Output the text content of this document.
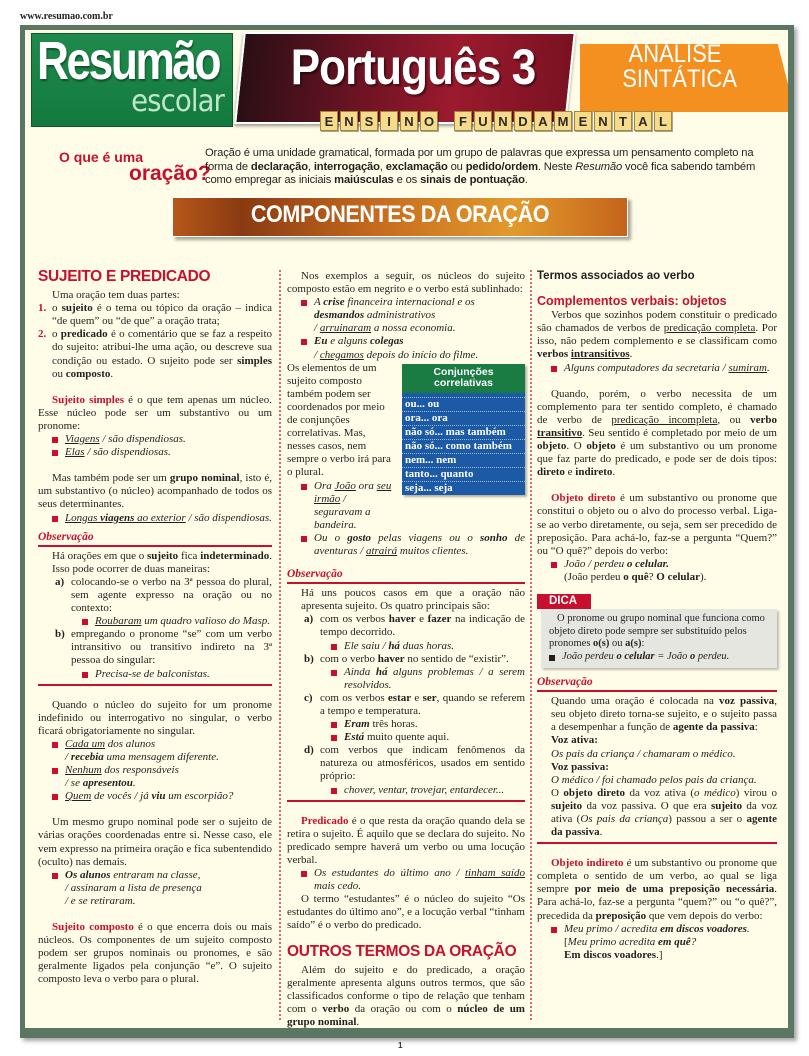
www.resumao.com.br
Resumão
escolar
Português 3	ANÁLISE
SINTÁTICA
E N S	I	N O	F U N D A M E N T A L
O que é uma
oração?
Oração é uma unidade gramatical, formada por um grupo de palavras que expressa um pensamento completo na forma de declaração, interrogação, exclamação ou pedido/ordem. Neste Resumão você fica sabendo também como empregar as iniciais maiúsculas e os sinais de pontuação.
COMPONENTES DA ORAÇÃO
SUJEITO E PREDICADO

Uma oração tem duas partes:

1. o sujeito é o tema ou tópico da oração – indica “de quem” ou “de que” a oração trata;
2. o predicado é o comentário que se faz a respeito do sujeito: atribui-lhe uma ação, ou descreve sua condição ou estado. O sujeito pode ser simples ou composto.

Sujeito simples é o que tem apenas um núcleo. Esse núcleo pode ser um substantivo ou um pronome:

Viagens / são dispendiosas.
Elas / são dispendiosas.

Mas também pode ser um grupo nominal, isto é, um substantivo (o núcleo) acompanhado de todos os seus determinantes.

Longas viagens ao exterior / são dispendiosas.
Observação

Há orações em que o sujeito fica indeterminado. Isso pode ocorrer de duas maneiras:

a) colocando-se o verbo na 3ª pessoa do plural, sem agente expresso na oração ou no contexto:
Roubaram um quadro valioso do Masp.
b) empregando o pronome “se” com um verbo intransitivo ou transitivo indireto na 3ª pessoa do singular:
Precisa-se de balconistas.

Quando o núcleo do sujeito for um pronome indefinido ou interrogativo no singular, o verbo ficará obrigatoriamente no singular.

Cada um dos alunos
/ recebia uma mensagem diferente.
Nenhum dos responsáveis
/ se apresentou.
Quem de vocês / já viu um escorpião?

Um mesmo grupo nominal pode ser o sujeito de várias orações coordenadas entre si. Nesse caso, ele vem expresso na primeira oração e fica subentendido (oculto) nas demais.

Os alunos entraram na classe,
/ assinaram a lista de presença
/ e se retiraram.

Sujeito composto é o que encerra dois ou mais núcleos. Os componentes de um sujeito composto podem ser grupos nominais ou pronomes, e são geralmente ligados pela conjunção “e”. O sujeito composto leva o verbo para o plural.

Nos exemplos a seguir, os núcleos do sujeito composto estão em negrito e o verbo está sublinhado:

A crise financeira internacional e os desmandos administrativos
/ arruinaram a nossa economia.
Eu e alguns colegas
/ chegamos depois do início do filme.
Conjunções correlativas
ou... ou
ora... ora
não só... mas também
não só... como também
nem... nem
tanto... quanto
seja... seja
Os elementos de um sujeito composto também podem ser coordenados por meio de conjunções correlativas. Mas, nesses casos, nem sempre o verbo irá para o plural.
Ora João ora seu irmão / seguravam a bandeira.
Ou o gosto pelas viagens ou o sonho de aventuras / atrairá muitos clientes.
Observação

Há uns poucos casos em que a oração não apresenta sujeito. Os quatro principais são:

a) com os verbos haver e fazer na indicação de tempo decorrido.
Ele saiu / há duas horas.
b) com o verbo haver no sentido de “existir”.
Ainda há alguns problemas / a serem resolvidos.
c) com os verbos estar e ser, quando se referem a tempo e temperatura.
Eram três horas.
Está muito quente aqui.
d) com verbos que indicam fenômenos da natureza ou atmosféricos, usados em sentido próprio:
chover, ventar, trovejar, entardecer...

Predicado é o que resta da oração quando dela se retira o sujeito. É aquilo que se declara do sujeito. No predicado sempre haverá um verbo ou uma locução verbal.

Os estudantes do último ano / tinham saído mais cedo.

O termo “estudantes” é o núcleo do sujeito “Os estudantes do último ano”, e a locução verbal “tinham saído” é o verbo do predicado.

OUTROS TERMOS DA ORAÇÃO

Além do sujeito e do predicado, a oração geralmente apresenta alguns outros termos, que são classificados conforme o tipo de relação que tenham com o verbo da oração ou com o núcleo de um grupo nominal.

Termos associados ao verbo
Complementos verbais: objetos

Verbos que sozinhos podem constituir o predicado são chamados de verbos de predicação completa. Por isso, não pedem complemento e se classificam como verbos intransitivos.

Alguns computadores da secretaria / sumiram.

Quando, porém, o verbo necessita de um complemento para ter sentido completo, é chamado de verbo de predicação incompleta, ou verbo transitivo. Seu sentido é completado por meio de um objeto. O objeto é um substantivo ou um pronome que faz parte do predicado, e pode ser de dois tipos: direto e indireto.

Objeto direto é um substantivo ou pronome que constitui o objeto ou o alvo do processo verbal. Liga-se ao verbo diretamente, ou seja, sem ser precedido de preposição. Para achá-lo, faz-se a pergunta “Quem?” ou “O quê?” depois do verbo:

João / perdeu o celular.
(João perdeu o quê? O celular).
DICA

O pronome ou grupo nominal que funciona como objeto direto pode sempre ser substituído pelos pronomes o(s) ou a(s):

João perdeu o celular = João o perdeu.
Observação

Quando uma oração é colocada na voz passiva, seu objeto direto torna-se sujeito, e o sujeito passa a desempenhar a função de agente da passiva:

Voz ativa:
Os pais da criança / chamaram o médico.
Voz passiva:
O médico / foi chamado pelos pais da criança.

O objeto direto da voz ativa (o médico) virou o sujeito da voz passiva. O que era sujeito da voz ativa (Os pais da criança) passou a ser o agente da passiva.

Objeto indireto é um substantivo ou pronome que completa o sentido de um verbo, ao qual se liga sempre por meio de uma preposição necessária. Para achá-lo, faz-se a pergunta “quem?” ou “o quê?”, precedida da preposição que vem depois do verbo:

Meu primo / acredita em discos voadores.
[Meu primo acredita em quê?
Em discos voadores.]
1
